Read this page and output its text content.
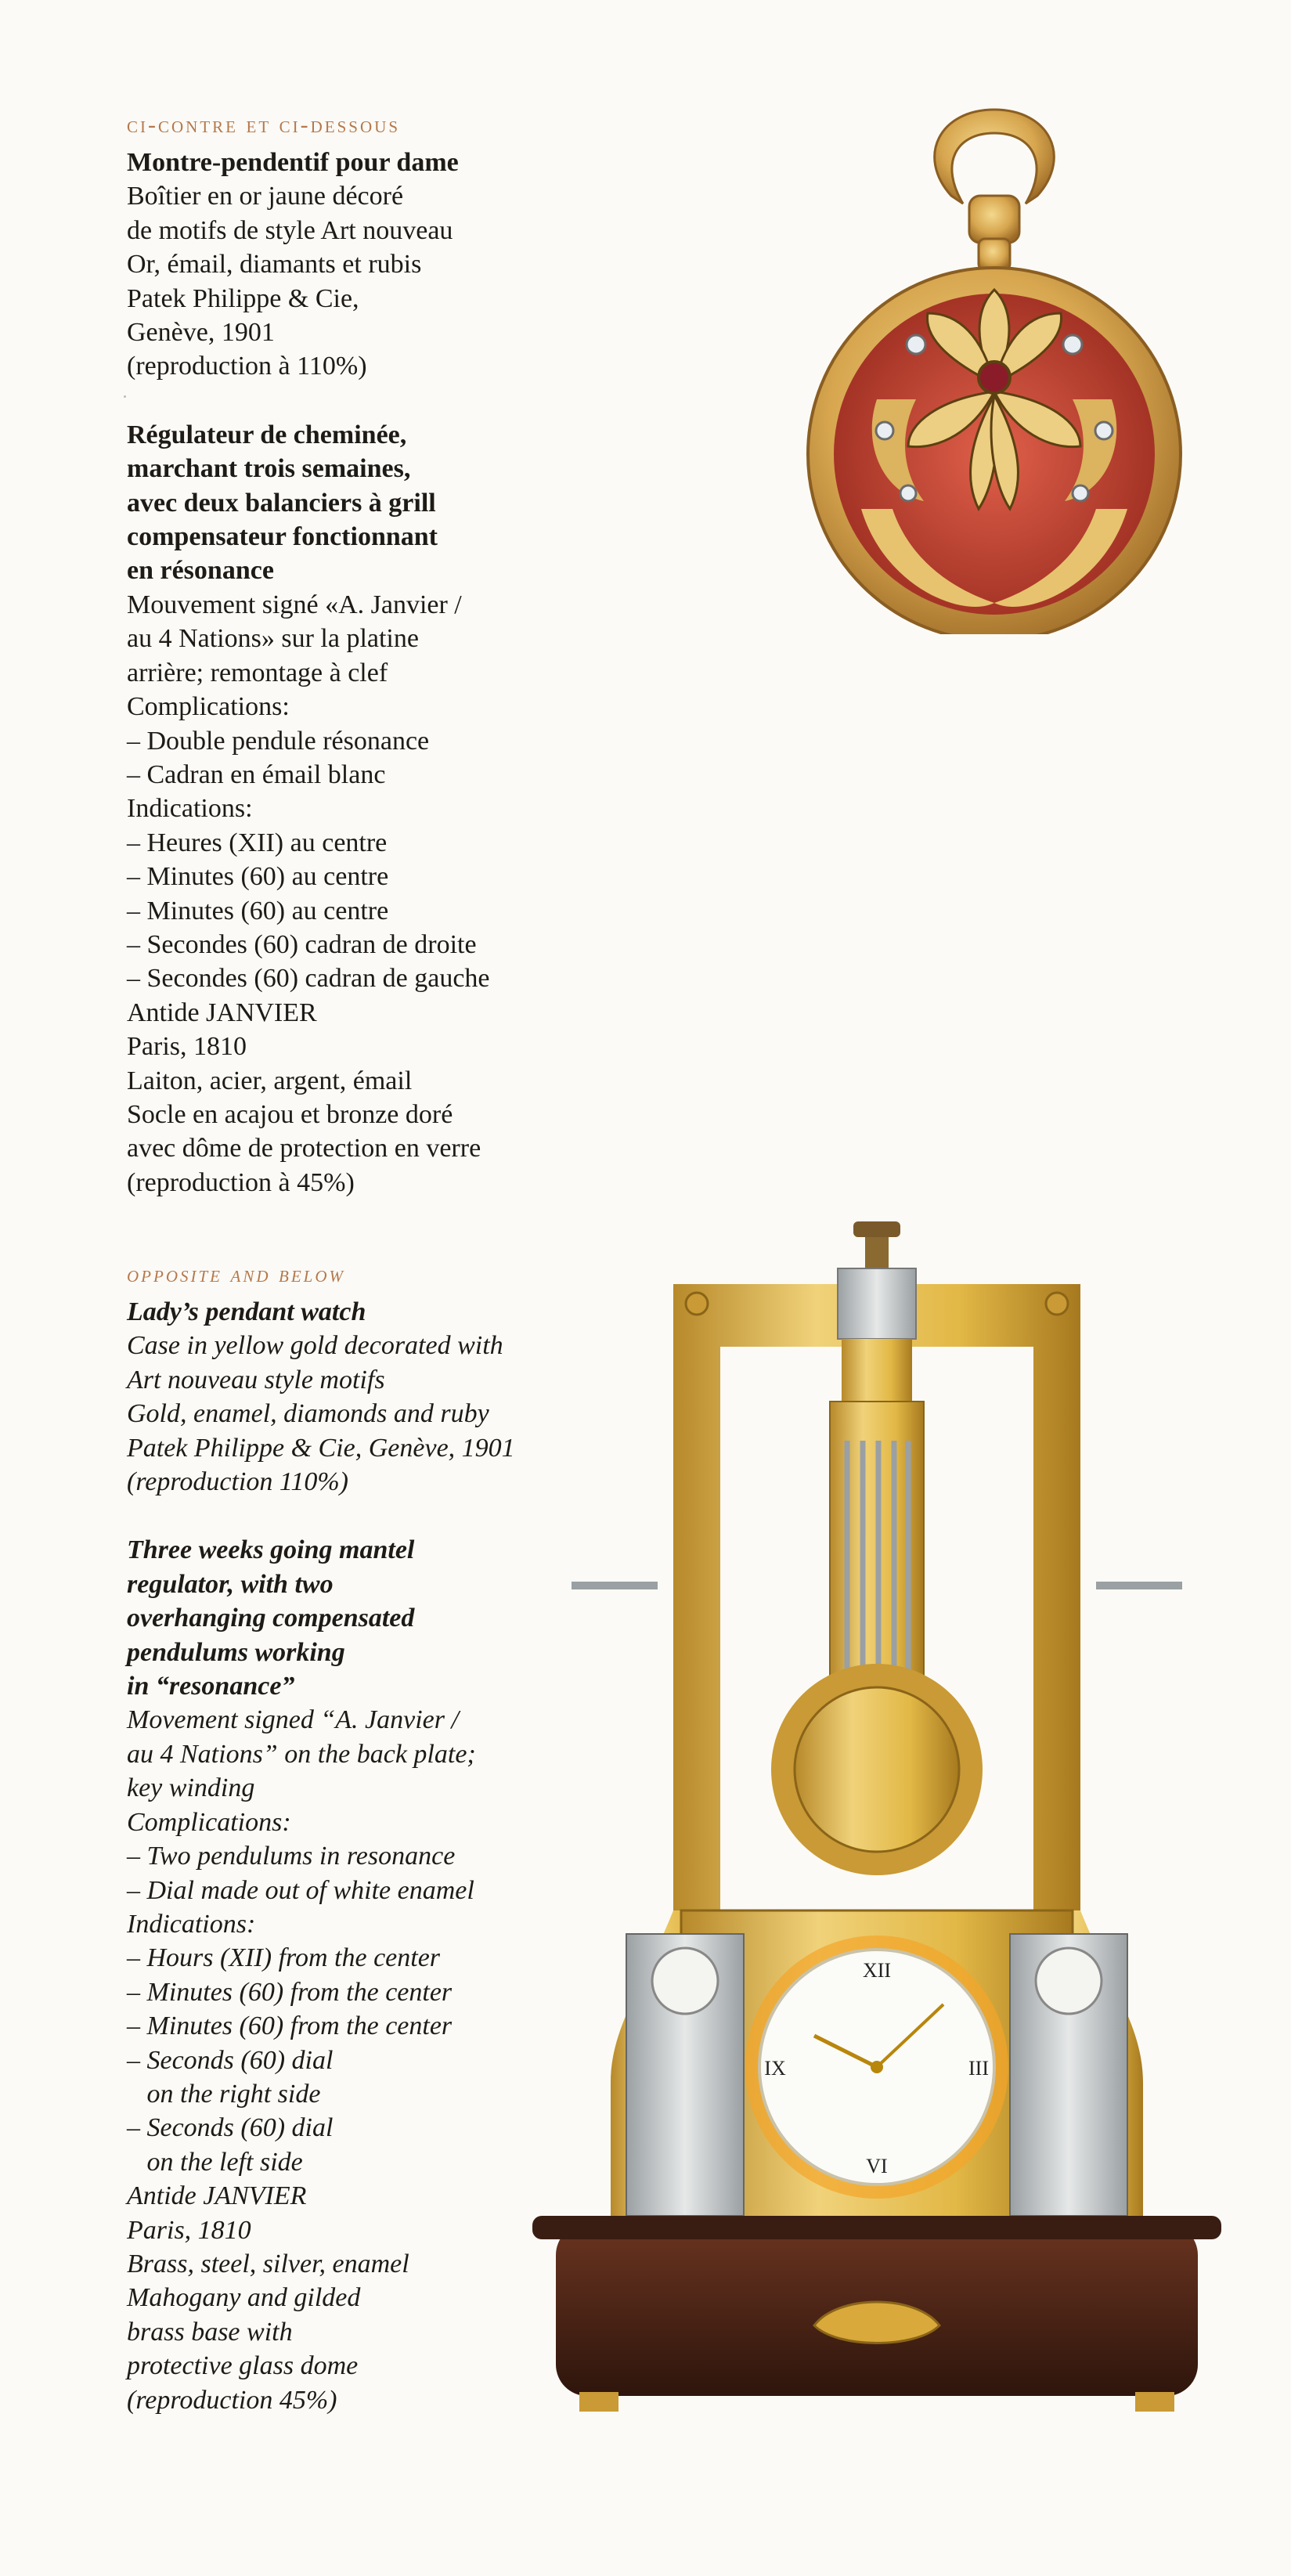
ci-contre et ci-dessous
Montre-pendentif pour dame
Boîtier en or jaune décoré
de motifs de style Art nouveau
Or, émail, diamants et rubis
Patek Philippe & Cie,
Genève, 1901
(reproduction à 110%)
Régulateur de cheminée,
marchant trois semaines,
avec deux balanciers à grill
compensateur fonctionnant
en résonance
Mouvement signé «A. Janvier /
au 4 Nations» sur la platine
arrière; remontage à clef
Complications:
– Double pendule résonance
– Cadran en émail blanc
Indications:
– Heures (XII) au centre
– Minutes (60) au centre
– Minutes (60) au centre
– Secondes (60) cadran de droite
– Secondes (60) cadran de gauche
Antide JANVIER
Paris, 1810
Laiton, acier, argent, émail
Socle en acajou et bronze doré
avec dôme de protection en verre
(reproduction à 45%)
opposite and below
Lady’s pendant watch
Case in yellow gold decorated with
Art nouveau style motifs
Gold, enamel, diamonds and ruby
Patek Philippe & Cie, Genève, 1901
(reproduction 110%)
Three weeks going mantel
regulator, with two
overhanging compensated
pendulums working
in “resonance”
Movement signed “A. Janvier /
au 4 Nations” on the back plate;
key winding
Complications:
– Two pendulums in resonance
– Dial made out of white enamel
Indications:
– Hours (XII) from the center
– Minutes (60) from the center
– Minutes (60) from the center
– Seconds (60) dial
on the right side
– Seconds (60) dial
on the left side
Antide JANVIER
Paris, 1810
Brass, steel, silver, enamel
Mahogany and gilded
brass base with
protective glass dome
(reproduction 45%)
XII
VI
IX	III
